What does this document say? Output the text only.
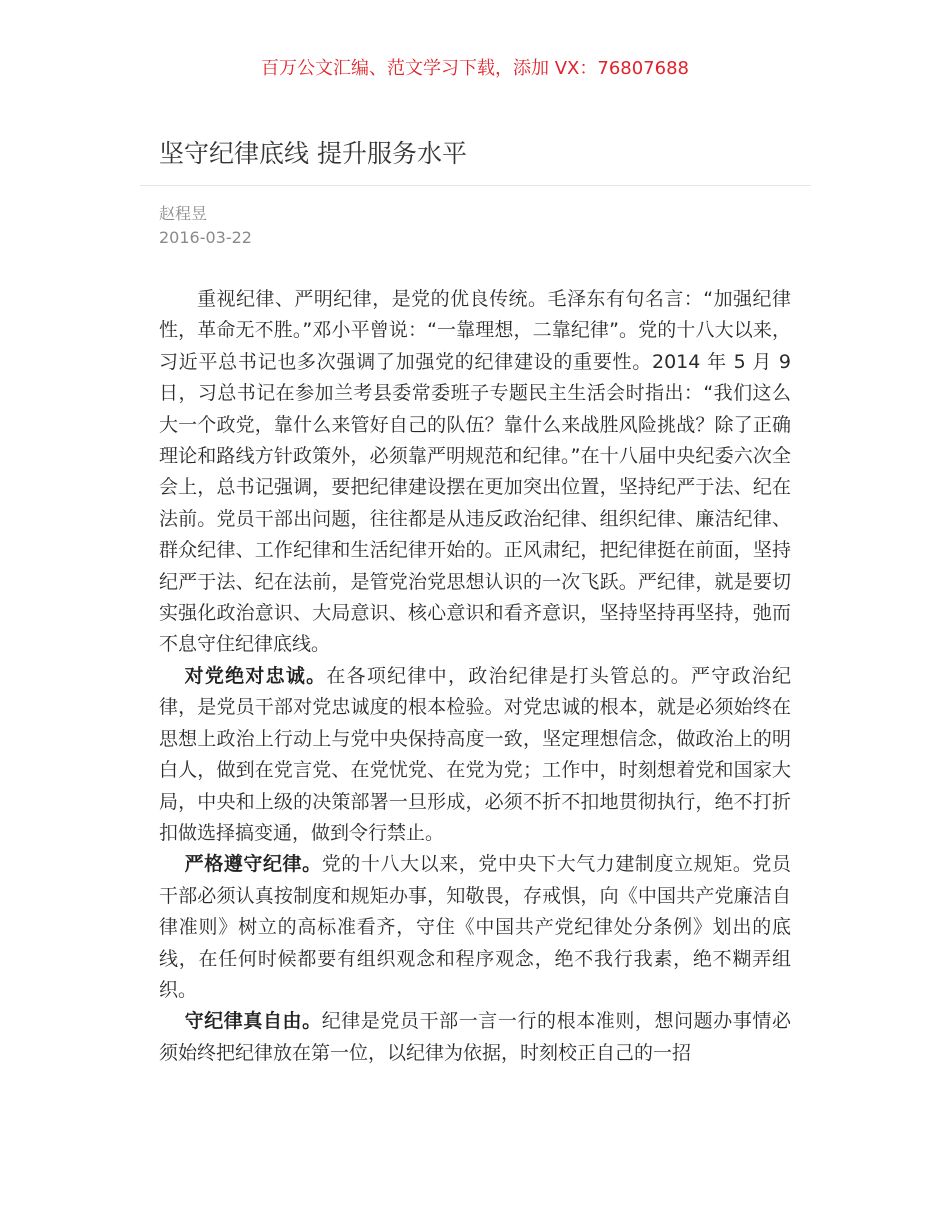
百万公文汇编、范文学习下载，添加 VX：76807688
坚守纪律底线 提升服务水平
赵程昱
2016-03-22

重视纪律、严明纪律，是党的优良传统。毛泽东有句名言：“加强纪律性，革命无不胜。”邓小平曾说：“一靠理想，二靠纪律”。党的十八大以来，习近平总书记也多次强调了加强党的纪律建设的重要性。2014 年 5 月 9 日，习总书记在参加兰考县委常委班子专题民主生活会时指出：“我们这么大一个政党，靠什么来管好自己的队伍？靠什么来战胜风险挑战？除了正确理论和路线方针政策外，必须靠严明规范和纪律。”在十八届中央纪委六次全会上，总书记强调，要把纪律建设摆在更加突出位置，坚持纪严于法、纪在法前。党员干部出问题，往往都是从违反政治纪律、组织纪律、廉洁纪律、群众纪律、工作纪律和生活纪律开始的。正风肃纪，把纪律挺在前面，坚持纪严于法、纪在法前，是管党治党思想认识的一次飞跃。严纪律，就是要切实强化政治意识、大局意识、核心意识和看齐意识，坚持坚持再坚持，弛而不息守住纪律底线。

对党绝对忠诚。在各项纪律中，政治纪律是打头管总的。严守政治纪律，是党员干部对党忠诚度的根本检验。对党忠诚的根本，就是必须始终在思想上政治上行动上与党中央保持高度一致，坚定理想信念，做政治上的明白人，做到在党言党、在党忧党、在党为党；工作中，时刻想着党和国家大局，中央和上级的决策部署一旦形成，必须不折不扣地贯彻执行，绝不打折扣做选择搞变通，做到令行禁止。

严格遵守纪律。党的十八大以来，党中央下大气力建制度立规矩。党员干部必须认真按制度和规矩办事，知敬畏，存戒惧，向《中国共产党廉洁自律准则》树立的高标准看齐，守住《中国共产党纪律处分条例》划出的底线，在任何时候都要有组织观念和程序观念，绝不我行我素，绝不糊弄组织。

守纪律真自由。纪律是党员干部一言一行的根本准则，想问题办事情必须始终把纪律放在第一位，以纪律为依据，时刻校正自己的一招
